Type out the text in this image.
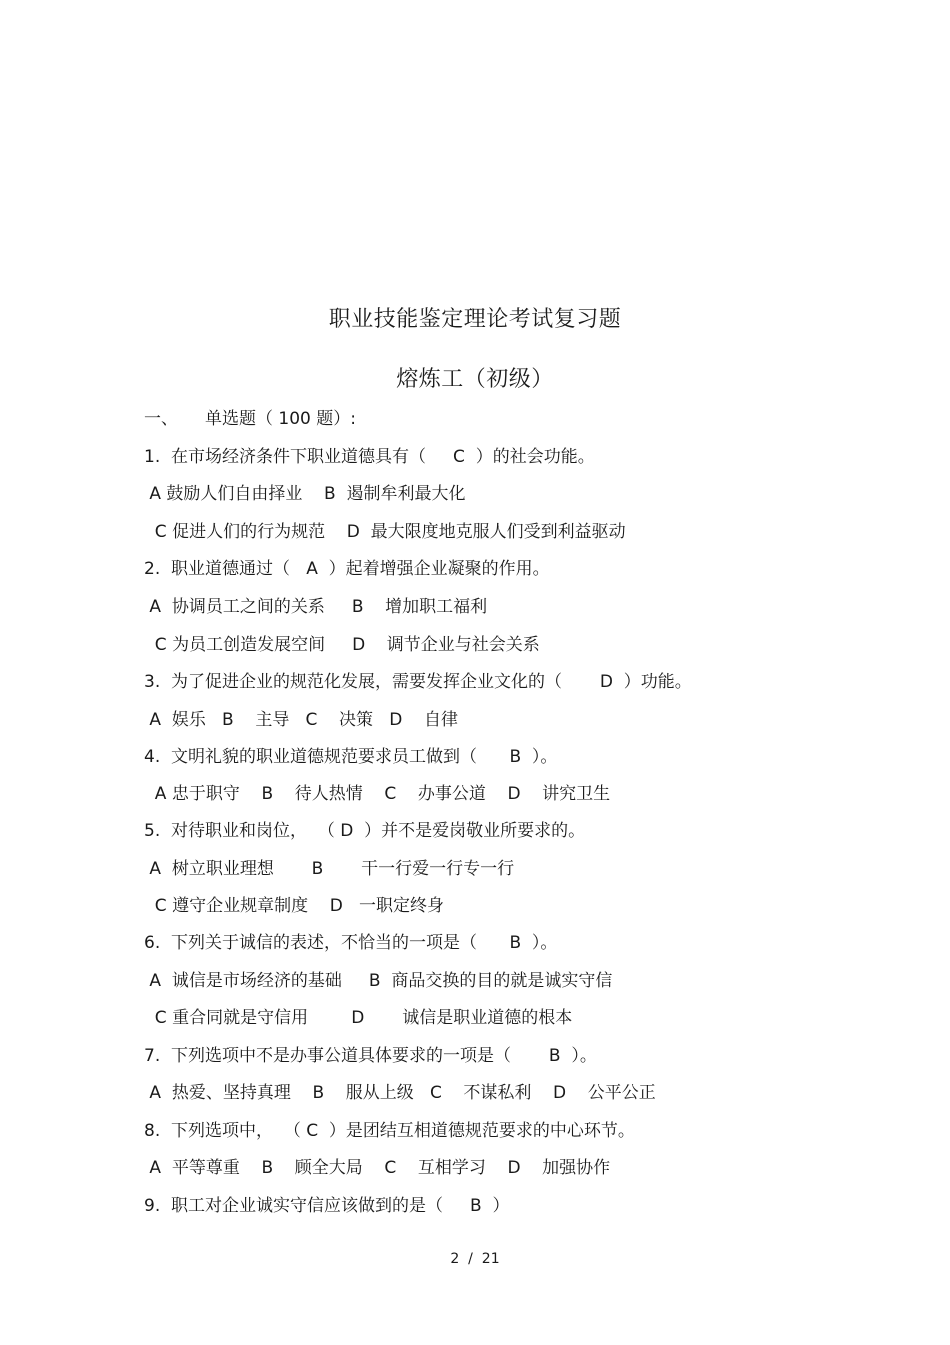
职业技能鉴定理论考试复习题
熔炼工（初级）
一、     单选题（ 100 题）:
1.  在市场经济条件下职业道德具有（     C  ）的社会功能。
A 鼓励人们自由择业    B  遏制牟利最大化
C 促进人们的行为规范    D  最大限度地克服人们受到利益驱动
2.  职业道德通过（   A  ）起着增强企业凝聚的作用。
A  协调员工之间的关系     B    增加职工福利
C 为员工创造发展空间     D    调节企业与社会关系
3.  为了促进企业的规范化发展，需要发挥企业文化的（       D  ）功能。
A  娱乐   B    主导   C    决策   D    自律
4.  文明礼貌的职业道德规范要求员工做到（      B  ）。
A 忠于职守    B    待人热情    C    办事公道    D    讲究卫生
5.  对待职业和岗位，  （ D  ）并不是爱岗敬业所要求的。
A  树立职业理想       B       干一行爱一行专一行
C 遵守企业规章制度    D   一职定终身
6.  下列关于诚信的表述，不恰当的一项是（      B  ）。
A  诚信是市场经济的基础     B  商品交换的目的就是诚实守信
C 重合同就是守信用        D       诚信是职业道德的根本
7.  下列选项中不是办事公道具体要求的一项是（       B  ）。
A  热爱、坚持真理    B    服从上级   C    不谋私利    D    公平公正
8.  下列选项中，  （ C  ）是团结互相道德规范要求的中心环节。
A  平等尊重    B    顾全大局    C    互相学习    D    加强协作
9.  职工对企业诚实守信应该做到的是（     B  ）
2  /  21
